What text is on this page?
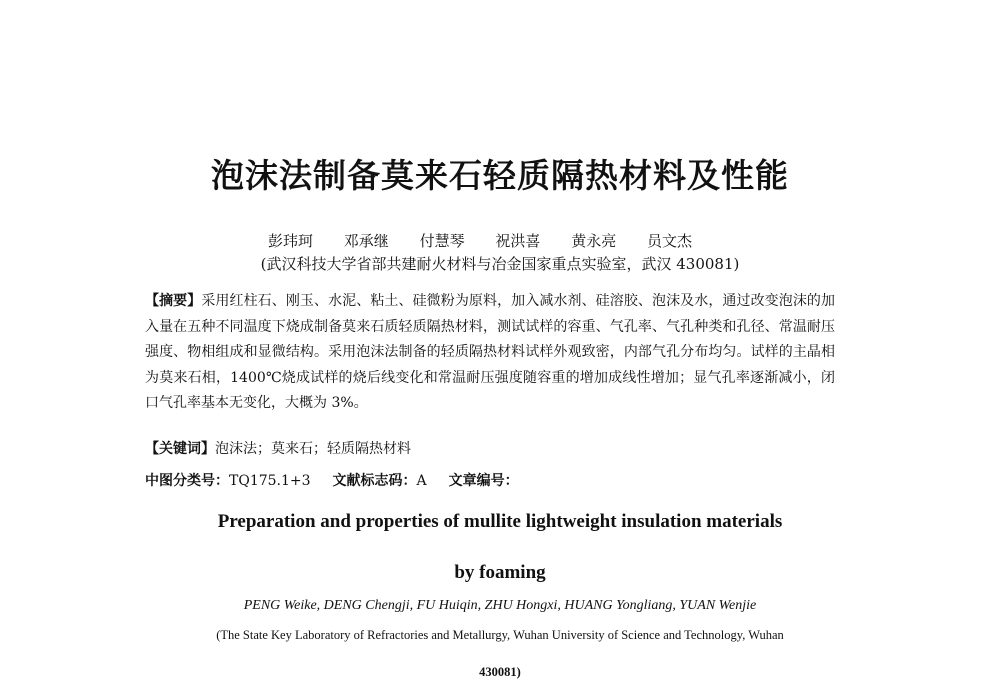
泡沫法制备莫来石轻质隔热材料及性能
彭玮珂 邓承继 付慧琴 祝洪喜 黄永亮 员文杰
(武汉科技大学省部共建耐火材料与冶金国家重点实验室，武汉 430081)
【摘要】采用红柱石、刚玉、水泥、粘土、硅微粉为原料，加入减水剂、硅溶胶、泡沫及水，通过改变泡沫的加入量在五种不同温度下烧成制备莫来石质轻质隔热材料，测试试样的容重、气孔率、气孔种类和孔径、常温耐压强度、物相组成和显微结构。采用泡沫法制备的轻质隔热材料试样外观致密，内部气孔分布均匀。试样的主晶相为莫来石相，1400℃烧成试样的烧后线变化和常温耐压强度随容重的增加成线性增加；显气孔率逐渐减小，闭口气孔率基本无变化，大概为 3%。
【关键词】泡沫法；莫来石；轻质隔热材料
中图分类号：TQ175.1+3 文献标志码：A 文章编号：
Preparation and properties of mullite lightweight insulation materials
by foaming
PENG Weike, DENG Chengji, FU Huiqin, ZHU Hongxi, HUANG Yongliang, YUAN Wenjie
(The State Key Laboratory of Refractories and Metallurgy, Wuhan University of Science and Technology, Wuhan
430081)
